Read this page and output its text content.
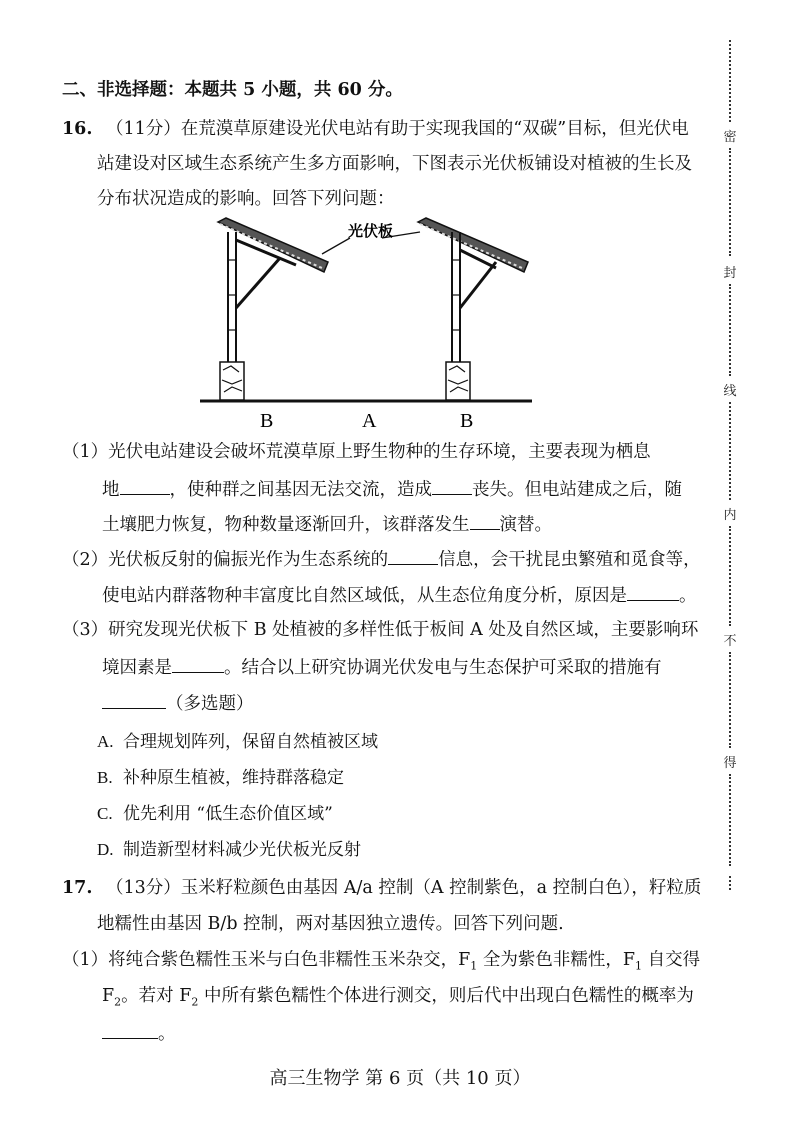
二、非选择题：本题共 5 小题，共 60 分。
16. （11分）在荒漠草原建设光伏电站有助于实现我国的“双碳”目标，但光伏电
站建设对区域生态系统产生多方面影响，下图表示光伏板铺设对植被的生长及
分布状况造成的影响。回答下列问题：
光伏板
B	A	B
（1）光伏电站建设会破坏荒漠草原上野生物种的生存环境，主要表现为栖息
地	，使种群之间基因无法交流，造成 丧失。但电站建成之后，随
土壤肥力恢复，物种数量逐渐回升，该群落发生 演替。
（2）光伏板反射的偏振光作为生态系统的	信息，会干扰昆虫繁殖和觅食等，
使电站内群落物种丰富度比自然区域低，从生态位角度分析，原因是	。
（3）研究发现光伏板下 B 处植被的多样性低于板间 A 处及自然区域，主要影响环
境因素是	。结合以上研究协调光伏发电与生态保护可采取的措施有
（多选题）
A. 合理规划阵列，保留自然植被区域
B. 补种原生植被，维持群落稳定
C. 优先利用 “低生态价值区域”
D. 制造新型材料减少光伏板光反射
17. （13分）玉米籽粒颜色由基因 A/a 控制（A 控制紫色，a 控制白色），籽粒质
地糯性由基因 B/b 控制，两对基因独立遗传。回答下列问题.
（1）将纯合紫色糯性玉米与白色非糯性玉米杂交，$F_1$ 全为紫色非糯性，$F_1$ 自交得
$F_2$。若对 $F_2$ 中所有紫色糯性个体进行测交，则后代中出现白色糯性的概率为
。
高三生物学 第 6 页（共 10 页）
密
封
线
内
不
得
